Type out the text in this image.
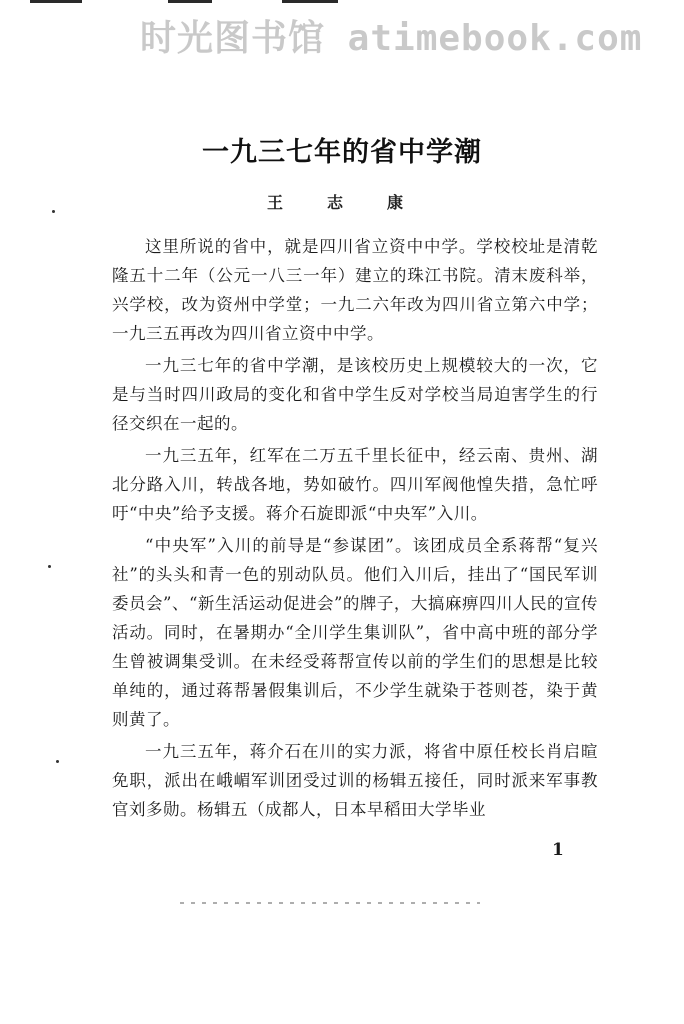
时光图书馆 atimebook.com
一九三七年的省中学潮
王　志　康

这里所说的省中，就是四川省立资中中学。学校校址是清乾隆五十二年（公元一八三一年）建立的珠江书院。清末废科举，兴学校，改为资州中学堂；一九二六年改为四川省立第六中学；一九三五再改为四川省立资中中学。

一九三七年的省中学潮，是该校历史上规模较大的一次，它是与当时四川政局的变化和省中学生反对学校当局迫害学生的行径交织在一起的。

一九三五年，红军在二万五千里长征中，经云南、贵州、湖北分路入川，转战各地，势如破竹。四川军阀他惶失措，急忙呼吁“中央”给予支援。蒋介石旋即派“中央军”入川。

“中央军”入川的前导是“参谋团”。该团成员全系蒋帮“复兴社”的头头和青一色的别动队员。他们入川后，挂出了“国民军训委员会”、“新生活运动促进会”的牌子，大搞麻痹四川人民的宣传活动。同时，在暑期办“全川学生集训队”，省中高中班的部分学生曾被调集受训。在未经受蒋帮宣传以前的学生们的思想是比较单纯的，通过蒋帮暑假集训后，不少学生就染于苍则苍，染于黄则黄了。

一九三五年，蒋介石在川的实力派，将省中原任校长肖启暄免职，派出在峨嵋军训团受过训的杨辑五接任，同时派来军事教官刘多勋。杨辑五（成都人，日本早稻田大学毕业

1
